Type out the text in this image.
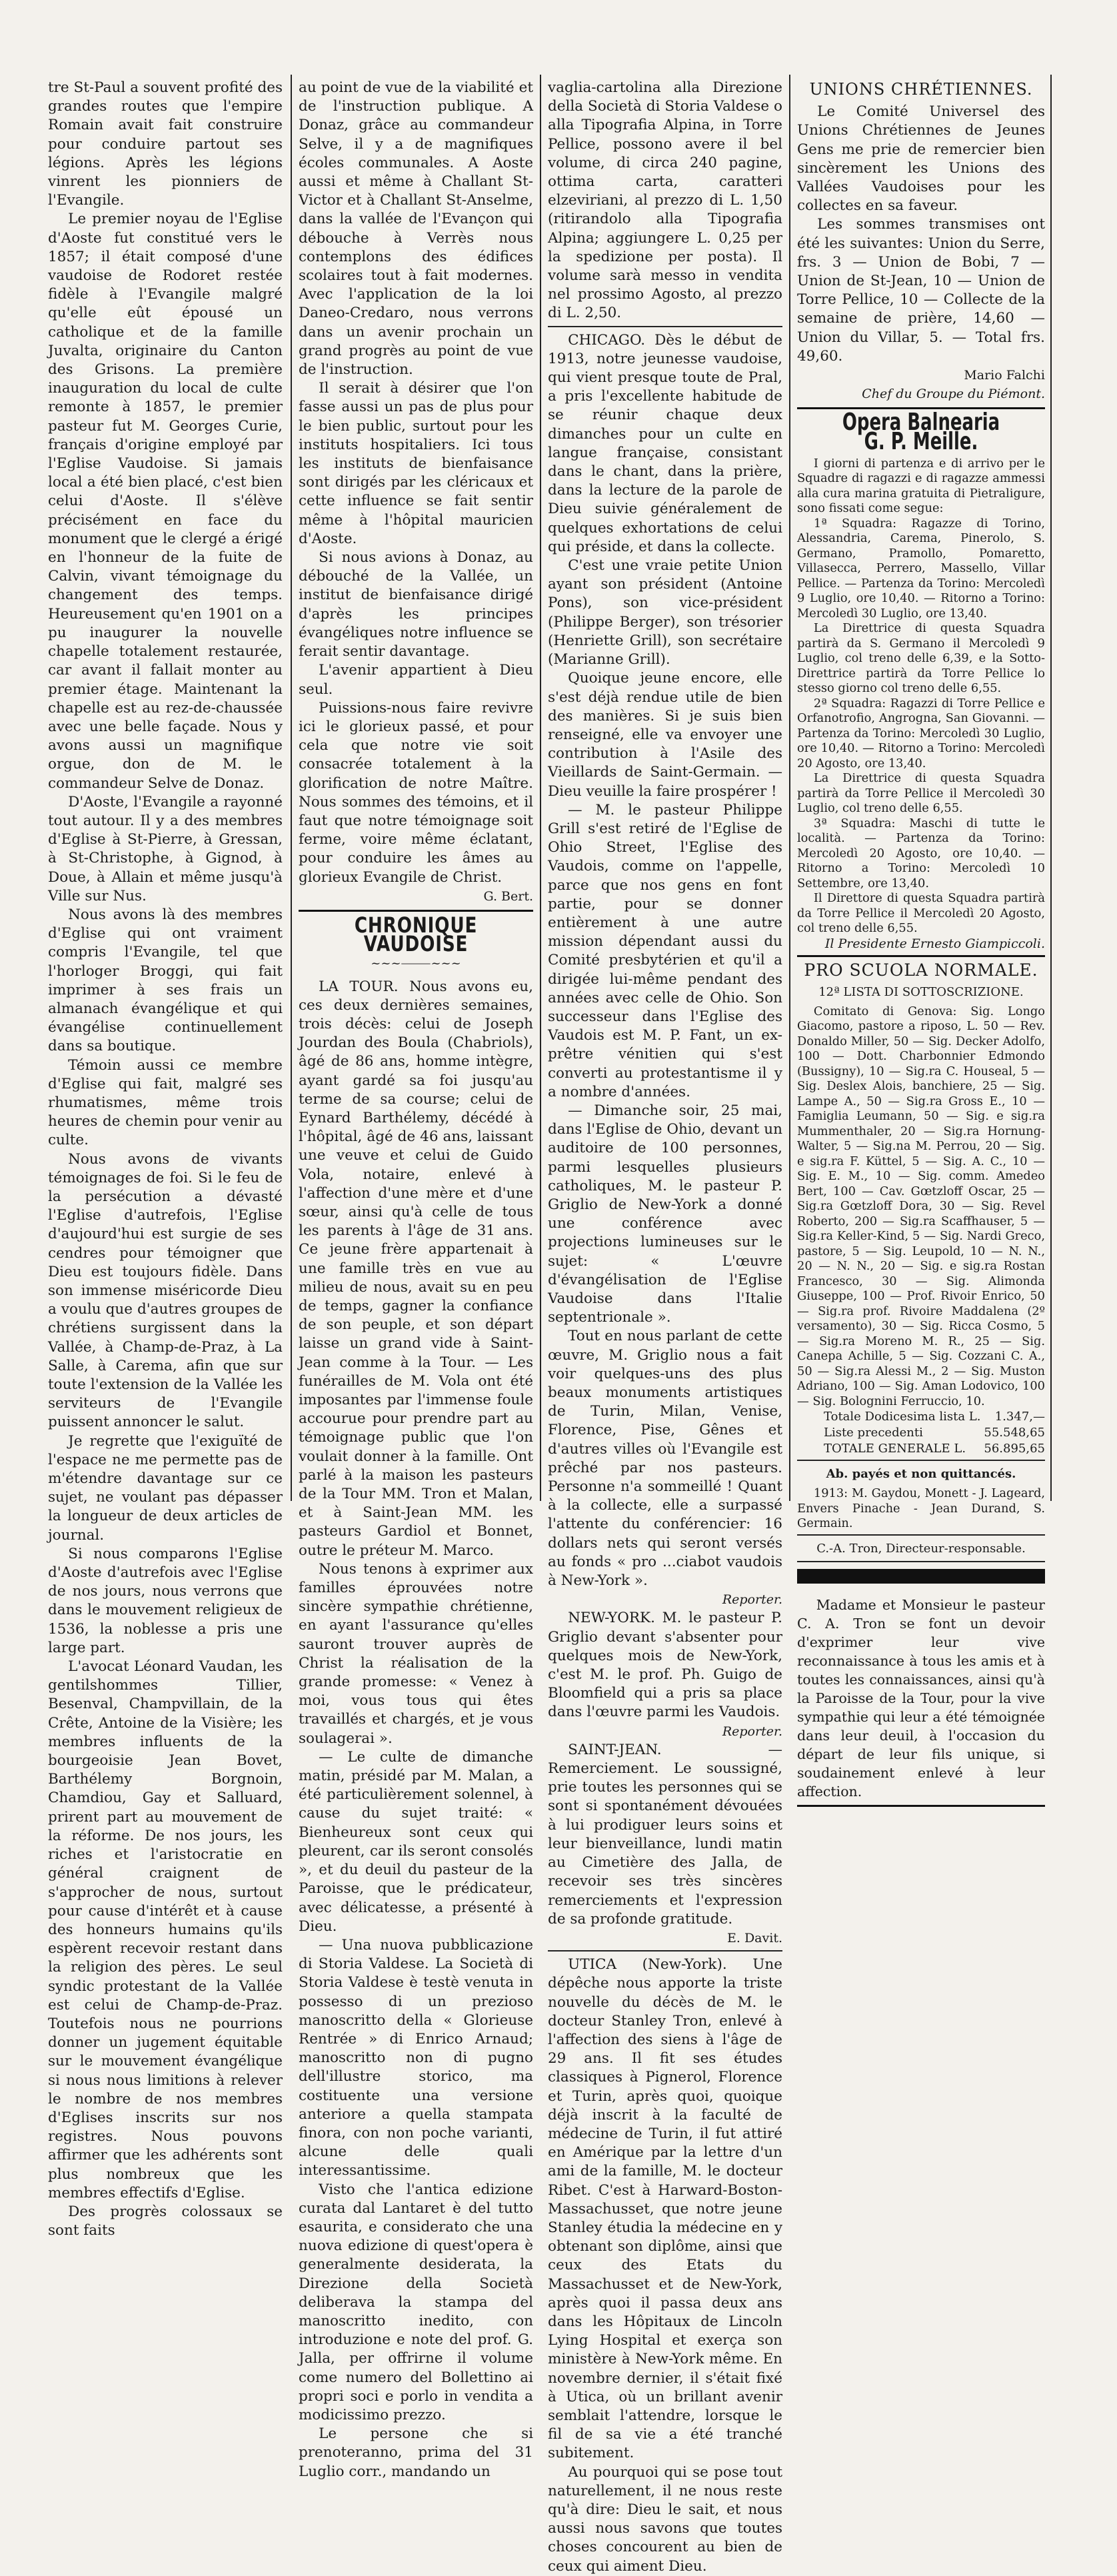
tre St-Paul a souvent profité des grandes routes que l'empire Romain avait fait construire pour conduire partout ses légions. Après les légions vinrent les pionniers de l'Evangile.

Le premier noyau de l'Eglise d'Aoste fut constitué vers le 1857; il était composé d'une vaudoise de Rodoret restée fidèle à l'Evangile malgré qu'elle eût épousé un catholique et de la famille Juvalta, originaire du Canton des Grisons. La première inauguration du local de culte remonte à 1857, le premier pasteur fut M. Georges Curie, français d'origine employé par l'Eglise Vaudoise. Si jamais local a été bien placé, c'est bien celui d'Aoste. Il s'élève précisément en face du monument que le clergé a érigé en l'honneur de la fuite de Calvin, vivant témoignage du changement des temps. Heureusement qu'en 1901 on a pu inaugurer la nouvelle chapelle totalement restaurée, car avant il fallait monter au premier étage. Maintenant la chapelle est au rez-de-chaussée avec une belle façade. Nous y avons aussi un magnifique orgue, don de M. le commandeur Selve de Donaz.

D'Aoste, l'Evangile a rayonné tout autour. Il y a des membres d'Eglise à St-Pierre, à Gressan, à St-Christophe, à Gignod, à Doue, à Allain et même jusqu'à Ville sur Nus.

Nous avons là des membres d'Eglise qui ont vraiment compris l'Evangile, tel que l'horloger Broggi, qui fait imprimer à ses frais un almanach évangélique et qui évangélise continuellement dans sa boutique.

Témoin aussi ce membre d'Eglise qui fait, malgré ses rhumatismes, même trois heures de chemin pour venir au culte.

Nous avons de vivants témoignages de foi. Si le feu de la persécution a dévasté l'Eglise d'autrefois, l'Eglise d'aujourd'hui est surgie de ses cendres pour témoigner que Dieu est toujours fidèle. Dans son immense miséricorde Dieu a voulu que d'autres groupes de chrétiens surgissent dans la Vallée, à Champ-de-Praz, à La Salle, à Carema, afin que sur toute l'extension de la Vallée les serviteurs de l'Evangile puissent annoncer le salut.

Je regrette que l'exiguïté de l'espace ne me permette pas de m'étendre davantage sur ce sujet, ne voulant pas dépasser la longueur de deux articles de journal.

Si nous comparons l'Eglise d'Aoste d'autrefois avec l'Eglise de nos jours, nous verrons que dans le mouvement religieux de 1536, la noblesse a pris une large part.

L'avocat Léonard Vaudan, les gentilshommes Tillier, Besenval, Champvillain, de la Crête, Antoine de la Visière; les membres influents de la bourgeoisie Jean Bovet, Barthélemy Borgnoin, Chamdiou, Gay et Salluard, prirent part au mouvement de la réforme. De nos jours, les riches et l'aristocratie en général craignent de s'approcher de nous, surtout pour cause d'intérêt et à cause des honneurs humains qu'ils espèrent recevoir restant dans la religion des pères. Le seul syndic protestant de la Vallée est celui de Champ-de-Praz. Toutefois nous ne pourrions donner un jugement équitable sur le mouvement évangélique si nous nous limitions à relever le nombre de nos membres d'Eglises inscrits sur nos registres. Nous pouvons affirmer que les adhérents sont plus nombreux que les membres effectifs d'Eglise.

Des progrès colossaux se sont faits

au point de vue de la viabilité et de l'instruction publique. A Donaz, grâce au commandeur Selve, il y a de magnifiques écoles communales. A Aoste aussi et même à Challant St-Victor et à Challant St-Anselme, dans la vallée de l'Evançon qui débouche à Verrès nous contemplons des édifices scolaires tout à fait modernes. Avec l'application de la loi Daneo-Credaro, nous verrons dans un avenir prochain un grand progrès au point de vue de l'instruction.

Il serait à désirer que l'on fasse aussi un pas de plus pour le bien public, surtout pour les instituts hospitaliers. Ici tous les instituts de bienfaisance sont dirigés par les cléricaux et cette influence se fait sentir même à l'hôpital mauricien d'Aoste.

Si nous avions à Donaz, au débouché de la Vallée, un institut de bienfaisance dirigé d'après les principes évangéliques notre influence se ferait sentir davantage.

L'avenir appartient à Dieu seul.

Puissions-nous faire revivre ici le glorieux passé, et pour cela que notre vie soit consacrée totalement à la glorification de notre Maître. Nous sommes des témoins, et il faut que notre témoignage soit ferme, voire même éclatant, pour conduire les âmes au glorieux Evangile de Christ.

G. Bert.

CHRONIQUE VAUDOISE
~~~⸻~~~

LA TOUR. Nous avons eu, ces deux dernières semaines, trois décès: celui de Joseph Jourdan des Boula (Chabriols), âgé de 86 ans, homme intègre, ayant gardé sa foi jusqu'au terme de sa course; celui de Eynard Barthélemy, décédé à l'hôpital, âgé de 46 ans, laissant une veuve et celui de Guido Vola, notaire, enlevé à l'affection d'une mère et d'une sœur, ainsi qu'à celle de tous les parents à l'âge de 31 ans. Ce jeune frère appartenait à une famille très en vue au milieu de nous, avait su en peu de temps, gagner la confiance de son peuple, et son départ laisse un grand vide à Saint-Jean comme à la Tour. — Les funérailles de M. Vola ont été imposantes par l'immense foule accourue pour prendre part au témoignage public que l'on voulait donner à la famille. Ont parlé à la maison les pasteurs de la Tour MM. Tron et Malan, et à Saint-Jean MM. les pasteurs Gardiol et Bonnet, outre le préteur M. Marco.

Nous tenons à exprimer aux familles éprouvées notre sincère sympathie chrétienne, en ayant l'assurance qu'elles sauront trouver auprès de Christ la réalisation de la grande promesse: « Venez à moi, vous tous qui êtes travaillés et chargés, et je vous soulagerai ».

— Le culte de dimanche matin, présidé par M. Malan, a été particulièrement solennel, à cause du sujet traité: « Bienheureux sont ceux qui pleurent, car ils seront consolés », et du deuil du pasteur de la Paroisse, que le prédicateur, avec délicatesse, a présenté à Dieu.

— Una nuova pubblicazione di Storia Valdese. La Società di Storia Valdese è testè venuta in possesso di un prezioso manoscritto della « Glorieuse Rentrée » di Enrico Arnaud; manoscritto non di pugno dell'illustre storico, ma costituente una versione anteriore a quella stampata finora, con non poche varianti, alcune delle quali interessantissime.

Visto che l'antica edizione curata dal Lantaret è del tutto esaurita, e considerato che una nuova edizione di quest'opera è generalmente desiderata, la Direzione della Società deliberava la stampa del manoscritto inedito, con introduzione e note del prof. G. Jalla, per offrirne il volume come numero del Bollettino ai propri soci e porlo in vendita a modicissimo prezzo.

Le persone che si prenoteranno, prima del 31 Luglio corr., mandando un

vaglia-cartolina alla Direzione della Società di Storia Valdese o alla Tipografia Alpina, in Torre Pellice, possono avere il bel volume, di circa 240 pagine, ottima carta, caratteri elzeviriani, al prezzo di L. 1,50 (ritirandolo alla Tipografia Alpina; aggiungere L. 0,25 per la spedizione per posta). Il volume sarà messo in vendita nel prossimo Agosto, al prezzo di L. 2,50.

CHICAGO. Dès le début de 1913, notre jeunesse vaudoise, qui vient presque toute de Pral, a pris l'excellente habitude de se réunir chaque deux dimanches pour un culte en langue française, consistant dans le chant, dans la prière, dans la lecture de la parole de Dieu suivie généralement de quelques exhortations de celui qui préside, et dans la collecte.

C'est une vraie petite Union ayant son président (Antoine Pons), son vice-président (Philippe Berger), son trésorier (Henriette Grill), son secrétaire (Marianne Grill).

Quoique jeune encore, elle s'est déjà rendue utile de bien des manières. Si je suis bien renseigné, elle va envoyer une contribution à l'Asile des Vieillards de Saint-Germain. — Dieu veuille la faire prospérer !

— M. le pasteur Philippe Grill s'est retiré de l'Eglise de Ohio Street, l'Eglise des Vaudois, comme on l'appelle, parce que nos gens en font partie, pour se donner entièrement à une autre mission dépendant aussi du Comité presbytérien et qu'il a dirigée lui-même pendant des années avec celle de Ohio. Son successeur dans l'Eglise des Vaudois est M. P. Fant, un ex-prêtre vénitien qui s'est converti au protestantisme il y a nombre d'années.

— Dimanche soir, 25 mai, dans l'Eglise de Ohio, devant un auditoire de 100 personnes, parmi lesquelles plusieurs catholiques, M. le pasteur P. Griglio de New-York a donné une conférence avec projections lumineuses sur le sujet: « L'œuvre d'évangélisation de l'Eglise Vaudoise dans l'Italie septentrionale ».

Tout en nous parlant de cette œuvre, M. Griglio nous a fait voir quelques-uns des plus beaux monuments artistiques de Turin, Milan, Venise, Florence, Pise, Gênes et d'autres villes où l'Evangile est prêché par nos pasteurs. Personne n'a sommeillé ! Quant à la collecte, elle a surpassé l'attente du conférencier: 16 dollars nets qui seront versés au fonds « pro ...ciabot vaudois à New-York ».

Reporter.

NEW-YORK. M. le pasteur P. Griglio devant s'absenter pour quelques mois de New-York, c'est M. le prof. Ph. Guigo de Bloomfield qui a pris sa place dans l'œuvre parmi les Vaudois.

Reporter.

SAINT-JEAN. — Remerciement. Le soussigné, prie toutes les personnes qui se sont si spontanément dévouées à lui prodiguer leurs soins et leur bienveillance, lundi matin au Cimetière des Jalla, de recevoir ses très sincères remerciements et l'expression de sa profonde gratitude.

E. Davit.

UTICA (New-York). Une dépêche nous apporte la triste nouvelle du décès de M. le docteur Stanley Tron, enlevé à l'affection des siens à l'âge de 29 ans. Il fit ses études classiques à Pignerol, Florence et Turin, après quoi, quoique déjà inscrit à la faculté de médecine de Turin, il fut attiré en Amérique par la lettre d'un ami de la famille, M. le docteur Ribet. C'est à Harward-Boston-Massachusset, que notre jeune Stanley étudia la médecine en y obtenant son diplôme, ainsi que ceux des Etats du Massachusset et de New-York, après quoi il passa deux ans dans les Hôpitaux de Lincoln Lying Hospital et exerça son ministère à New-York même. En novembre dernier, il s'était fixé à Utica, où un brillant avenir semblait l'attendre, lorsque le fil de sa vie a été tranché subitement.

Au pourquoi qui se pose tout naturellement, il ne nous reste qu'à dire: Dieu le sait, et nous aussi nous savons que toutes choses concourent au bien de ceux qui aiment Dieu.

UNIONS CHRÉTIENNES.

Le Comité Universel des Unions Chrétiennes de Jeunes Gens me prie de remercier bien sincèrement les Unions des Vallées Vaudoises pour les collectes en sa faveur.

Les sommes transmises ont été les suivantes: Union du Serre, frs. 3 — Union de Bobi, 7 — Union de St-Jean, 10 — Union de Torre Pellice, 10 — Collecte de la semaine de prière, 14,60 — Union du Villar, 5. — Total frs. 49,60.

Mario Falchi

Chef du Groupe du Piémont.

Opera Balnearia G. P. Meille.

I giorni di partenza e di arrivo per le Squadre di ragazzi e di ragazze ammessi alla cura marina gratuita di Pietraligure, sono fissati come segue:

1ª Squadra: Ragazze di Torino, Alessandria, Carema, Pinerolo, S. Germano, Pramollo, Pomaretto, Villasecca, Perrero, Massello, Villar Pellice. — Partenza da Torino: Mercoledì 9 Luglio, ore 10,40. — Ritorno a Torino: Mercoledì 30 Luglio, ore 13,40.

La Direttrice di questa Squadra partirà da S. Germano il Mercoledì 9 Luglio, col treno delle 6,39, e la Sotto-Direttrice partirà da Torre Pellice lo stesso giorno col treno delle 6,55.

2ª Squadra: Ragazzi di Torre Pellice e Orfanotrofio, Angrogna, San Giovanni. — Partenza da Torino: Mercoledì 30 Luglio, ore 10,40. — Ritorno a Torino: Mercoledì 20 Agosto, ore 13,40.

La Direttrice di questa Squadra partirà da Torre Pellice il Mercoledì 30 Luglio, col treno delle 6,55.

3ª Squadra: Maschi di tutte le località. — Partenza da Torino: Mercoledì 20 Agosto, ore 10,40. — Ritorno a Torino: Mercoledì 10 Settembre, ore 13,40.

Il Direttore di questa Squadra partirà da Torre Pellice il Mercoledì 20 Agosto, col treno delle 6,55.

Il Presidente Ernesto Giampiccoli.

PRO SCUOLA NORMALE.
12ª LISTA DI SOTTOSCRIZIONE.

Comitato di Genova: Sig. Longo Giacomo, pastore a riposo, L. 50 — Rev. Donaldo Miller, 50 — Sig. Decker Adolfo, 100 — Dott. Charbonnier Edmondo (Bussigny), 10 — Sig.ra C. Houseal, 5 — Sig. Deslex Alois, banchiere, 25 — Sig. Lampe A., 50 — Sig.ra Gross E., 10 — Famiglia Leumann, 50 — Sig. e sig.ra Mummenthaler, 20 — Sig.ra Hornung-Walter, 5 — Sig.na M. Perrou, 20 — Sig. e sig.ra F. Küttel, 5 — Sig. A. C., 10 — Sig. E. M., 10 — Sig. comm. Amedeo Bert, 100 — Cav. Gœtzloff Oscar, 25 — Sig.ra Gœtzloff Dora, 30 — Sig. Revel Roberto, 200 — Sig.ra Scaffhauser, 5 — Sig.ra Keller-Kind, 5 — Sig. Nardi Greco, pastore, 5 — Sig. Leupold, 10 — N. N., 20 — N. N., 20 — Sig. e sig.ra Rostan Francesco, 30 — Sig. Alimonda Giuseppe, 100 — Prof. Rivoir Enrico, 50 — Sig.ra prof. Rivoire Maddalena (2º versamento), 30 — Sig. Ricca Cosmo, 5 — Sig.ra Moreno M. R., 25 — Sig. Canepa Achille, 5 — Sig. Cozzani C. A., 50 — Sig.ra Alessi M., 2 — Sig. Muston Adriano, 100 — Sig. Aman Lodovico, 100 — Sig. Bolognini Ferruccio, 10.

Totale Dodicesima lista L.	1.347,—
Liste precedenti	55.548,65
TOTALE GENERALE L.	56.895,65
Ab. payés et non quittancés.

1913: M. Gaydou, Monett - J. Lageard, Envers Pinache - Jean Durand, S. Germain.

C.-A. Tron, Directeur-responsable.

Madame et Monsieur le pasteur C. A. Tron se font un devoir d'exprimer leur vive reconnaissance à tous les amis et à toutes les connaissances, ainsi qu'à la Paroisse de la Tour, pour la vive sympathie qui leur a été témoignée dans leur deuil, à l'occasion du départ de leur fils unique, si soudainement enlevé à leur affection.
